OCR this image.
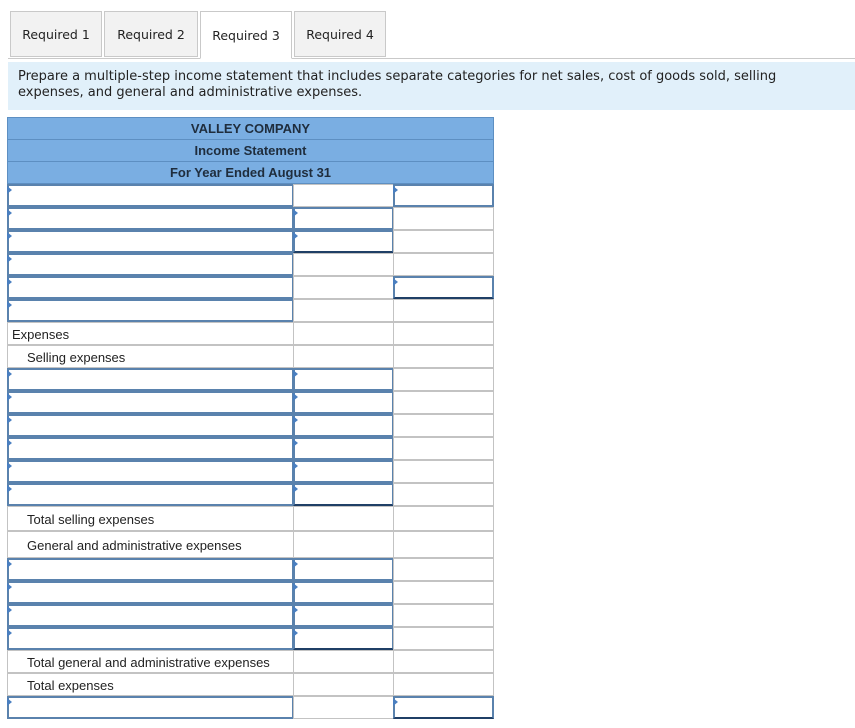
Required 1	Required 2	Required 3	Required 4
Prepare a multiple-step income statement that includes separate categories for net sales, cost of goods sold, selling expenses, and general and administrative expenses.
VALLEY COMPANY
Income Statement
For Year Ended August 31
Expenses
Selling expenses
Total selling expenses
General and administrative expenses
Total general and administrative expenses
Total expenses
